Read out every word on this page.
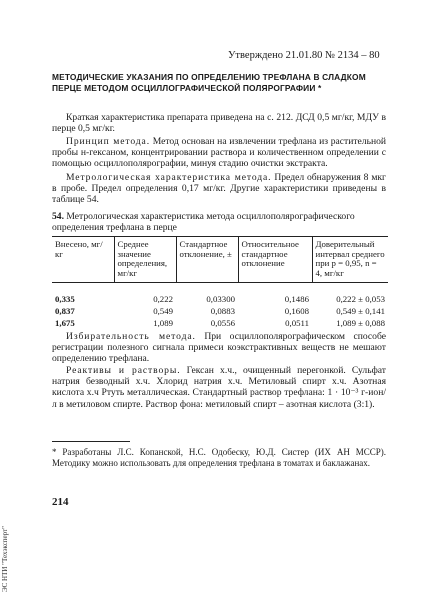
Утверждено 21.01.80 № 2134 – 80
МЕТОДИЧЕСКИЕ УКАЗАНИЯ ПО ОПРЕДЕЛЕНИЮ ТРЕФЛАНА В СЛАДКОМ ПЕРЦЕ МЕТОДОМ ОСЦИЛЛОГРАФИЧЕСКОЙ ПОЛЯРОГРАФИИ *

Краткая характеристика препарата приведена на с. 212. ДСД 0,5 мг/кг, МДУ в перце 0,5 мг/кг.

Принцип метода. Метод основан на извлечении трефлана из растительной пробы н-гексаном, концентрировании раствора и количественном определении с помощью осциллополярографии, минуя стадию очистки экстракта.

Метрологическая характеристика метода. Предел обнаружения 8 мкг в пробе. Предел определения 0,17 мг/кг. Другие характеристики приведены в таблице 54.

54. Метрологическая характеристика метода осциллополярографического определения трефлана в перце

Внесено, мг/кг	Среднее значение определения, мг/кг	Стандартное отклонение, ±	Относительное стандартное отклонение	Доверительный интервал среднего при p = 0,95, n = 4, мг/кг
0,335	0,222	0,03300	0,1486	0,222 ± 0,053
0,837	0,549	0,0883	0,1608	0,549 ± 0,141
1,675	1,089	0,0556	0,0511	1,089 ± 0,088

Избирательность метода. При осциллополярографическом способе регистрации полезного сигнала примеси коэкстрактивных веществ не мешают определению трефлана.

Реактивы и растворы. Гексан х.ч., очищенный перегонкой. Сульфат натрия безводный х.ч. Хлорид натрия х.ч. Метиловый спирт х.ч. Азотная кислота х.ч Ртуть металлическая. Стандартный раствор трефлана: 1 · 10⁻³ г-ион/л в метиловом спирте. Раствор фона: метиловый спирт – азотная кислота (3:1).

* Разработаны Л.С. Копанской, Н.С. Одобеску, Ю.Д. Систер (ИХ АН МССР). Методику можно использовать для определения трефлана в томатах и баклажанах.

214
ЭС НТИ "Техэксперт"
